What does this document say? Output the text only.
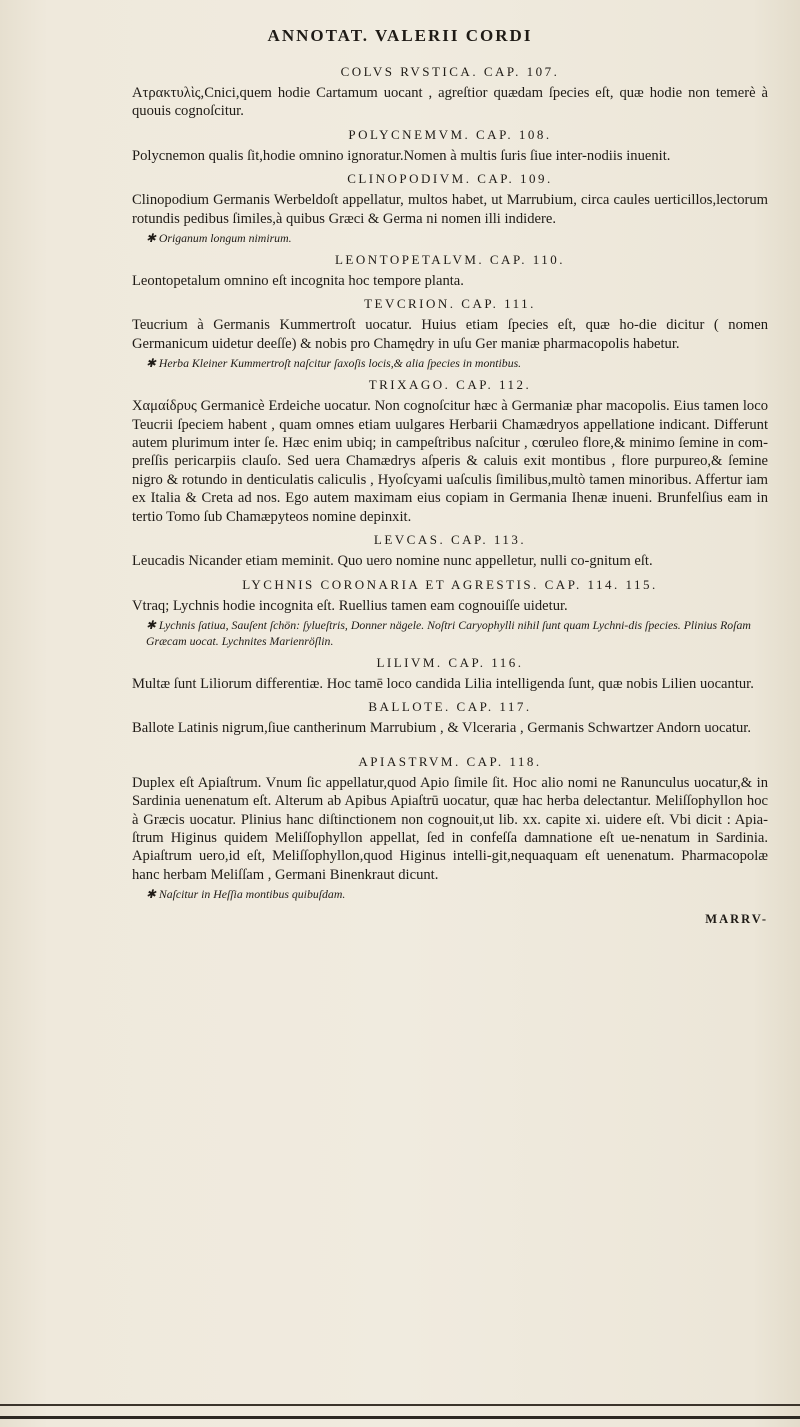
ANNOTAT. VALERII CORDI
COLVS RVSTICA. CAP. 107.

Ατρακτυλὶς,Cnici,quem hodie Cartamum uocant , agreſtior quædam ſpecies eſt, quæ hodie non temerè à quouis cognoſcitur.

POLYCNEMVM. CAP. 108.

Polycnemon qualis ſit,hodie omnino ignoratur.Nomen à multis ſuris ſiue inter-nodiis inuenit.

CLINOPODIVM. CAP. 109.

Clinopodium Germanis Werbeldoſt appellatur, multos habet, ut Marrubium, circa caules uerticillos,lectorum rotundis pedibus ſimiles,à quibus Græci & Germa ni nomen illi indidere.

✱ Origanum longum nimirum.
LEONTOPETALVM. CAP. 110.

Leontopetalum omnino eſt incognita hoc tempore planta.

TEVCRION. CAP. 111.

Teucrium à Germanis Kummertroſt uocatur. Huius etiam ſpecies eſt, quæ ho-die dicitur ( nomen Germanicum uidetur deeſſe) & nobis pro Chamędry in uſu Ger maniæ pharmacopolis habetur.

✱ Herba Kleiner Kummertroſt naſcitur ſaxoſis locis,& alia ſpecies in montibus.
TRIXAGO. CAP. 112.

Χαμαίδρυς Germanicè Erdeiche uocatur. Non cognoſcitur hæc à Germaniæ phar macopolis. Eius tamen loco Teucrii ſpeciem habent , quam omnes etiam uulgares Herbarii Chamædryos appellatione indicant. Differunt autem plurimum inter ſe. Hæc enim ubiq; in campeſtribus naſcitur , cœruleo flore,& minimo ſemine in com-preſſis pericarpiis clauſo. Sed uera Chamædrys aſperis & caluis exit montibus , flore purpureo,& ſemine nigro & rotundo in denticulatis caliculis , Hyoſcyami uaſculis ſimilibus,multò tamen minoribus. Affertur iam ex Italia & Creta ad nos. Ego autem maximam eius copiam in Germania Ihenæ inueni. Brunfelſius eam in tertio Tomo ſub Chamæpyteos nomine depinxit.

LEVCAS. CAP. 113.

Leucadis Nicander etiam meminit. Quo uero nomine nunc appelletur, nulli co-gnitum eſt.

LYCHNIS CORONARIA ET AGRESTIS. CAP. 114. 115.

Vtraq; Lychnis hodie incognita eſt. Ruellius tamen eam cognouiſſe uidetur.

✱ Lychnis ſatiua, Sauſent ſchön: ſylueſtris, Donner nägele. Noſtri Caryophylli nihil ſunt quam Lychni-dis ſpecies. Plinius Roſam Græcam uocat. Lychnites Marienröſlin.
LILIVM. CAP. 116.

Multæ ſunt Liliorum differentiæ. Hoc tamē loco candida Lilia intelligenda ſunt, quæ nobis Lilien uocantur.

BALLOTE. CAP. 117.

Ballote Latinis nigrum,ſiue cantherinum Marrubium , & Vlceraria , Germanis Schwartzer Andorn uocatur.

APIASTRVM. CAP. 118.

Duplex eſt Apiaſtrum. Vnum ſic appellatur,quod Apio ſimile ſit. Hoc alio nomi ne Ranunculus uocatur,& in Sardinia uenenatum eſt. Alterum ab Apibus Apiaſtrū uocatur, quæ hac herba delectantur. Meliſſophyllon hoc à Græcis uocatur. Plinius hanc diſtinctionem non cognouit,ut lib. xx. capite xi. uidere eſt. Vbi dicit : Apia-ſtrum Higinus quidem Meliſſophyllon appellat, ſed in confeſſa damnatione eſt ue-nenatum in Sardinia. Apiaſtrum uero,id eſt, Meliſſophyllon,quod Higinus intelli-git,nequaquam eſt uenenatum. Pharmacopolæ hanc herbam Meliſſam , Germani Binenkraut dicunt.

✱ Naſcitur in Heſſia montibus quibuſdam.
MARRV-
